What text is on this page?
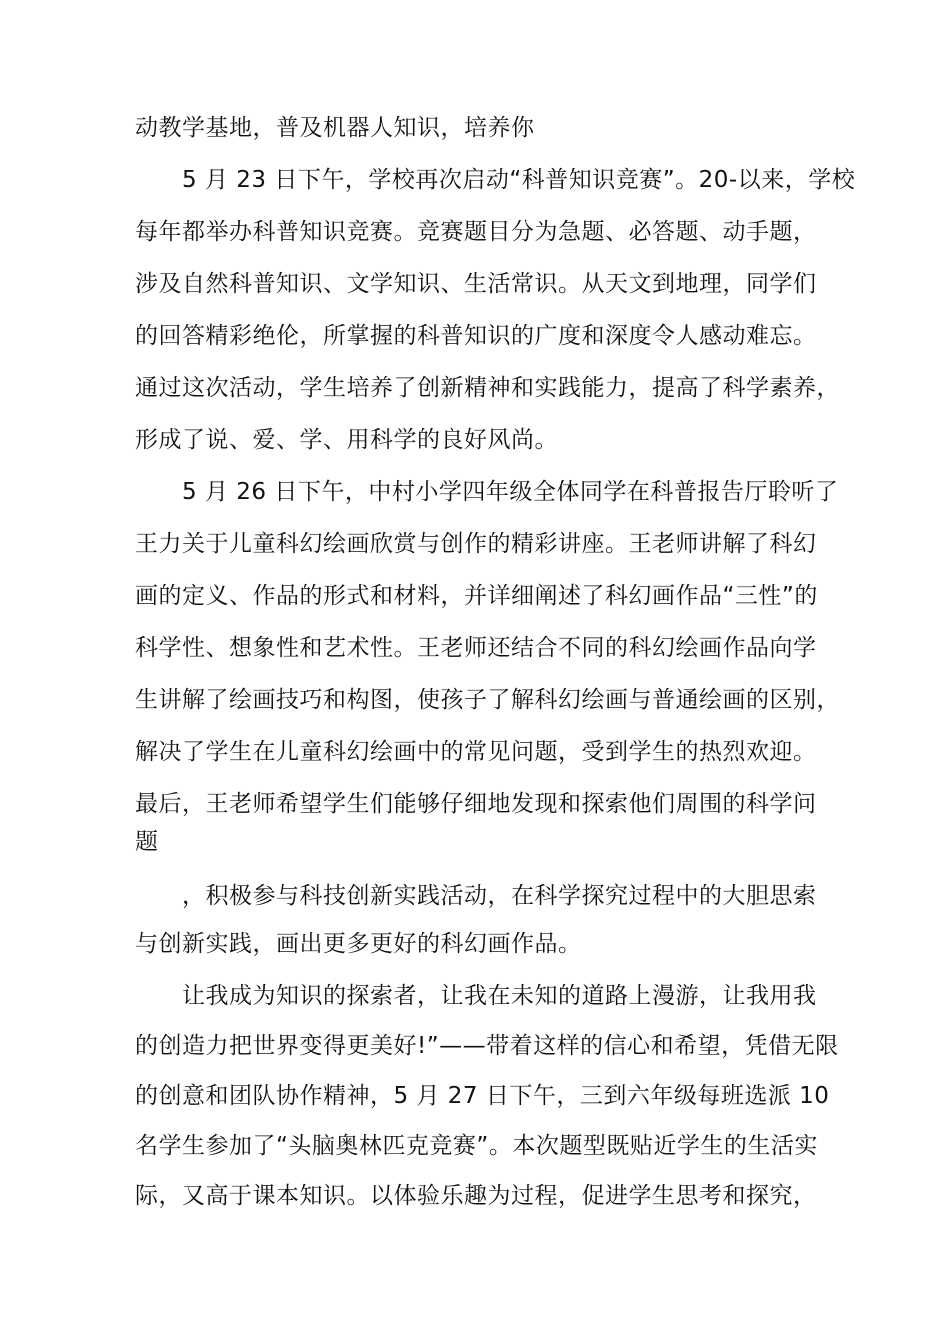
动教学基地，普及机器人知识，培养你
5 月 23 日下午，学校再次启动“科普知识竞赛”。20-以来，学校
每年都举办科普知识竞赛。竞赛题目分为急题、必答题、动手题，
涉及自然科普知识、文学知识、生活常识。从天文到地理，同学们
的回答精彩绝伦，所掌握的科普知识的广度和深度令人感动难忘。
通过这次活动，学生培养了创新精神和实践能力，提高了科学素养，
形成了说、爱、学、用科学的良好风尚。
5 月 26 日下午，中村小学四年级全体同学在科普报告厅聆听了
王力关于儿童科幻绘画欣赏与创作的精彩讲座。王老师讲解了科幻
画的定义、作品的形式和材料，并详细阐述了科幻画作品“三性”的
科学性、想象性和艺术性。王老师还结合不同的科幻绘画作品向学
生讲解了绘画技巧和构图，使孩子了解科幻绘画与普通绘画的区别，
解决了学生在儿童科幻绘画中的常见问题，受到学生的热烈欢迎。
最后，王老师希望学生们能够仔细地发现和探索他们周围的科学问
题
，积极参与科技创新实践活动，在科学探究过程中的大胆思索
与创新实践，画出更多更好的科幻画作品。
让我成为知识的探索者，让我在未知的道路上漫游，让我用我
的创造力把世界变得更美好!”——带着这样的信心和希望，凭借无限
的创意和团队协作精神，5 月 27 日下午，三到六年级每班选派 10
名学生参加了“头脑奥林匹克竞赛”。本次题型既贴近学生的生活实
际，又高于课本知识。以体验乐趣为过程，促进学生思考和探究，
